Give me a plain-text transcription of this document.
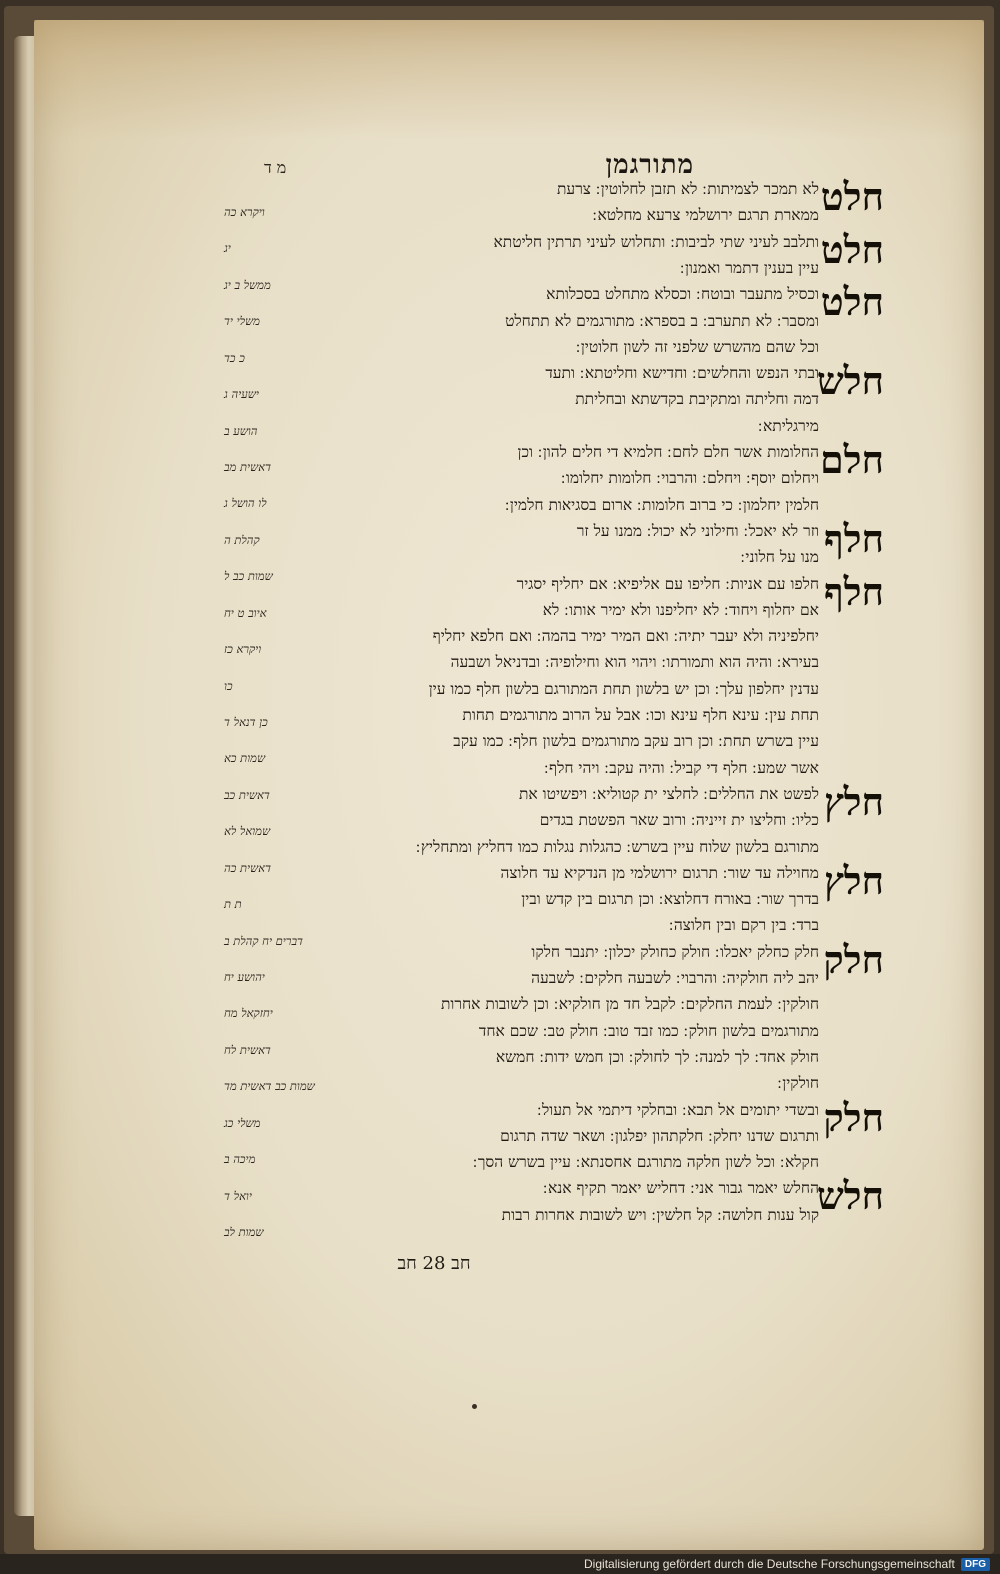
מתורגמן
מ ד
חלט
לא תמכר לצמיתות ׃ לא תזבן לחלוטין ׃ צרעת
ממארת תרגם ירושלמי צרעא מחלטא ׃
חלט
ותלבב לעיני שתי לביבות ׃ ותחלוש לעיני תרתין חליטתא
עיין בענין דתמר ואמנון ׃
חלט
וכסיל מתעבר ובוטח ׃ וכסלא מתחלט בסכלותא
ומסבר ׃ לא תתערב ׃ ב בספרא ׃ מתורגמים לא תתחלט
וכל שהם מהשרש שלפני זה לשון חלוטין ׃
חלש
ובתי הנפש והחלשים ׃ וחדישא וחליטתא ׃ ותעד
דמה וחליתה ומתקיבת בקדשתא ובחליתת
מירגליתא ׃
חלם
החלומות אשר חלם לחם ׃ חלמיא די חלים להון ׃ וכן
ויחלום יוסף ׃ ויחלם ׃ והרבוי ׃ חלומות יחלומו ׃
חלמין יחלמון ׃ כי ברוב חלומות ׃ ארום בסגיאות חלמין ׃
חלף
וזר לא יאכל ׃ וחילוני לא יכול ׃ ממנו על זר
מנו על חלוני ׃
חלף
חלפו עם אניות ׃ חליפו עם אליפיא ׃ אם יחליף יסגיר
אם יחלוף ויחוד ׃ לא יחליפנו ולא ימיר אותו ׃ לא
יחלפיניה ולא יעבר יתיה ׃ ואם המיר ימיר בהמה ׃ ואם חלפא יחליף
בעירא ׃ והיה הוא ותמורתו ׃ ויהוי הוא וחילופיה ׃ ובדניאל ושבעה
עדנין יחלפון עלך ׃ וכן יש בלשון תחת המתורגם בלשון חלף כמו עין
תחת עין ׃ עינא חלף עינא וכו ׃ אבל על הרוב מתורגמים תחות
עיין בשרש תחת ׃ וכן רוב עקב מתורגמים בלשון חלף ׃ כמו עקב
אשר שמע ׃ חלף די קביל ׃ והיה עקב ׃ ויהי חלף ׃
חלץ
לפשט את החללים ׃ לחלצי ית קטוליא ׃ ויפשיטו את
כליו ׃ וחליצו ית זייניה ׃ ורוב שאר הפשטת בגדים
מתורגם בלשון שלוח עיין בשרש ׃ כהגלות נגלות כמו דחליץ ומתחליץ ׃
חלץ
מחוילה עד שור ׃ תרגום ירושלמי מן הנדקיא עד חלוצה
בדרך שור ׃ באורח דחלוצא ׃ וכן תרגום בין קדש ובין
ברד ׃ בין רקם ובין חלוצה ׃
חלק
חלק כחלק יאכלו ׃ חולק כחולק יכלון ׃ יתנבר חלקו
יהב ליה חולקיה ׃ והרבוי ׃ לשבעה חלקים ׃ לשבעה
חולקין ׃ לעמת החלקים ׃ לקבל חד מן חולקיא ׃ וכן לשובות אחרות
מתורגמים בלשון חולק ׃ כמו זבד טוב ׃ חולק טב ׃ שכם אחד
חולק אחד ׃ לך למנה ׃ לך לחולק ׃ וכן חמש ידות ׃ חמשא
חולקין ׃
חלק
ובשדי יתומים אל תבא ׃ ובחלקי דיתמי אל תעול ׃
ותרגום שדנו יחלק ׃ חלקתהון יפלגון ׃ ושאר שדה תרגום
חקלא ׃ וכל לשון חלקה מתורגם אחסנתא ׃ עיין בשרש הסך ׃
חלש
החלש יאמר גבור אני ׃ דחליש יאמר תקיף אנא ׃
קול ענות חלושה ׃ קל חלשין ׃ ויש לשובות אחרות רבות
ויקרא כה
יג
ממשל ב יג
משלי יד
כ כד
ישעיה ג
הושע ב
דאשית מב
לו הושל ג
קהלת ה
שמות כב ל
איוב ט יח
ויקרא כז
כו
כן דנאל ד
שמות כא
דאשית כב
שמואל לא
דאשית כה
ת ת
דברים יח קהלת ב
יהושע יח
יחזקאל מח
דאשית לח
שמות כב דאשית מד
משלי כג
מיכה ב
יואל ד
שמות לב
חב 28 חב
Digitalisierung gefördert durch die Deutsche Forschungsgemeinschaft	DFG
